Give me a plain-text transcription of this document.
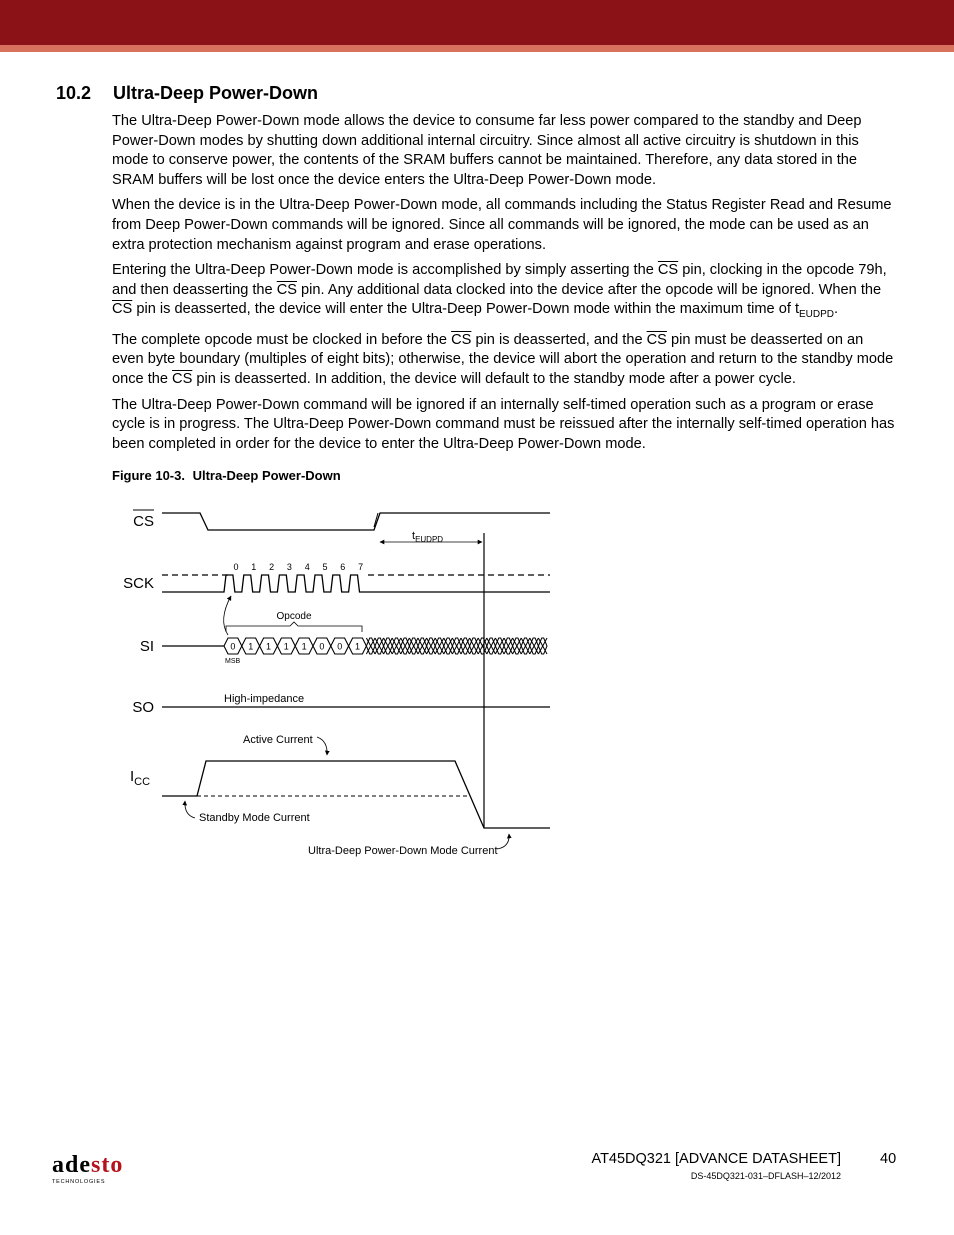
10.2 Ultra-Deep Power-Down

The Ultra-Deep Power-Down mode allows the device to consume far less power compared to the standby and Deep Power-Down modes by shutting down additional internal circuitry. Since almost all active circuitry is shutdown in this mode to conserve power, the contents of the SRAM buffers cannot be maintained. Therefore, any data stored in the SRAM buffers will be lost once the device enters the Ultra-Deep Power-Down mode.

When the device is in the Ultra-Deep Power-Down mode, all commands including the Status Register Read and Resume from Deep Power-Down commands will be ignored. Since all commands will be ignored, the mode can be used as an extra protection mechanism against program and erase operations.

Entering the Ultra-Deep Power-Down mode is accomplished by simply asserting the $\overline{CS}$ pin, clocking in the opcode 79h, and then deasserting the $\overline{CS}$ pin. Any additional data clocked into the device after the opcode will be ignored. When the $\overline{CS}$ pin is deasserted, the device will enter the Ultra-Deep Power-Down mode within the maximum time of $t_{EUDPD}$.

The complete opcode must be clocked in before the $\overline{CS}$ pin is deasserted, and the $\overline{CS}$ pin must be deasserted on an even byte boundary (multiples of eight bits); otherwise, the device will abort the operation and return to the standby mode once the $\overline{CS}$ pin is deasserted. In addition, the device will default to the standby mode after a power cycle.

The Ultra-Deep Power-Down command will be ignored if an internally self-timed operation such as a program or erase cycle is in progress. The Ultra-Deep Power-Down command must be reissued after the internally self-timed operation has been completed in order for the device to enter the Ultra-Deep Power-Down mode.

Figure 10-3. Ultra-Deep Power-Down
CS
$t_{EUDPD}$
SCK
0 1 2 3 4 5 6 7
Opcode
SI	0 1 1 1 1 0 0 1
MSB
SO	High-impedance
$I_{CC}$
Active Current
Standby Mode Current
Ultra-Deep Power-Down Mode Current
adesto
TECHNOLOGIES
AT45DQ321 [ADVANCE DATASHEET]	40
DS-45DQ321-031–DFLASH–12/2012
